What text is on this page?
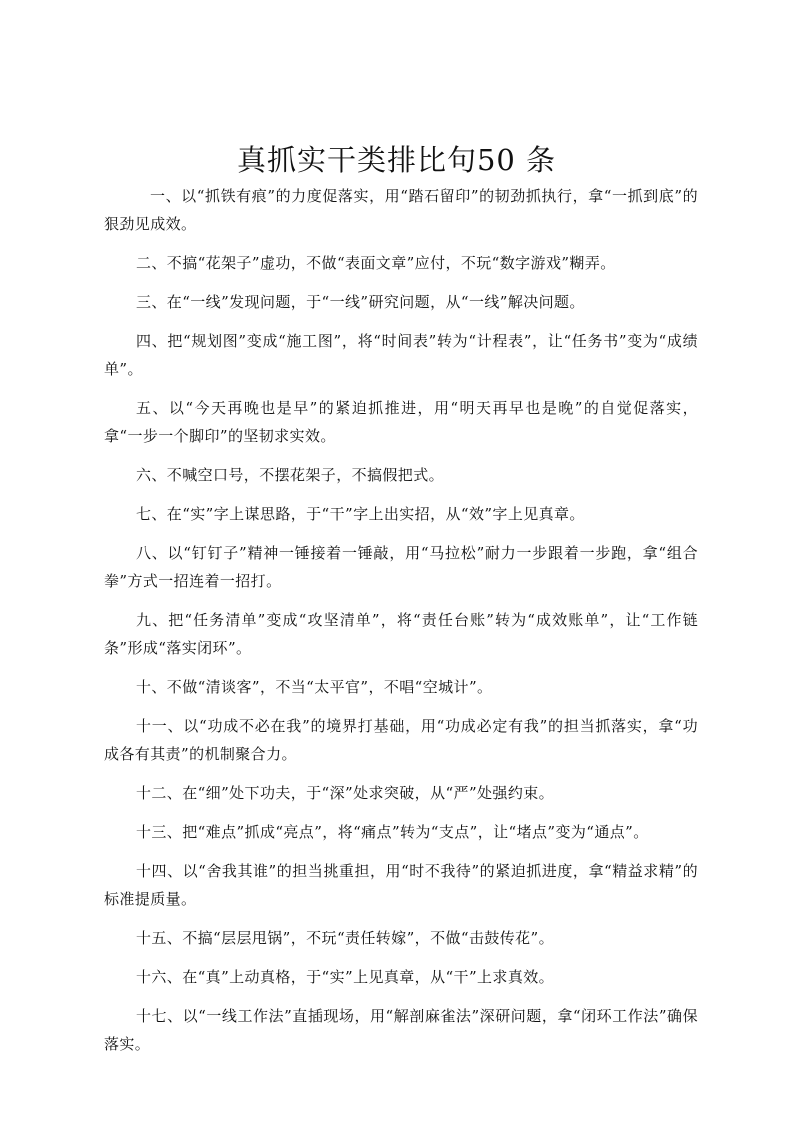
真抓实干类排比句50 条

一、以“抓铁有痕”的力度促落实，用“踏石留印”的韧劲抓执行，拿“一抓到底”的狠劲见成效。

二、不搞“花架子”虚功，不做“表面文章”应付，不玩“数字游戏”糊弄。

三、在“一线”发现问题，于“一线”研究问题，从“一线”解决问题。

四、把“规划图”变成“施工图”，将“时间表”转为“计程表”，让“任务书”变为“成绩单”。

五、以“今天再晚也是早”的紧迫抓推进，用“明天再早也是晚”的自觉促落实，拿“一步一个脚印”的坚韧求实效。

六、不喊空口号，不摆花架子，不搞假把式。

七、在“实”字上谋思路，于“干”字上出实招，从“效”字上见真章。

八、以“钉钉子”精神一锤接着一锤敲，用“马拉松”耐力一步跟着一步跑，拿“组合拳”方式一招连着一招打。

九、把“任务清单”变成“攻坚清单”，将“责任台账”转为“成效账单”，让“工作链条”形成“落实闭环”。

十、不做“清谈客”，不当“太平官”，不唱“空城计”。

十一、以“功成不必在我”的境界打基础，用“功成必定有我”的担当抓落实，拿“功成各有其责”的机制聚合力。

十二、在“细”处下功夫，于“深”处求突破，从“严”处强约束。

十三、把“难点”抓成“亮点”，将“痛点”转为“支点”，让“堵点”变为“通点”。

十四、以“舍我其谁”的担当挑重担，用“时不我待”的紧迫抓进度，拿“精益求精”的标准提质量。

十五、不搞“层层甩锅”，不玩“责任转嫁”，不做“击鼓传花”。

十六、在“真”上动真格，于“实”上见真章，从“干”上求真效。

十七、以“一线工作法”直插现场，用“解剖麻雀法”深研问题，拿“闭环工作法”确保落实。
